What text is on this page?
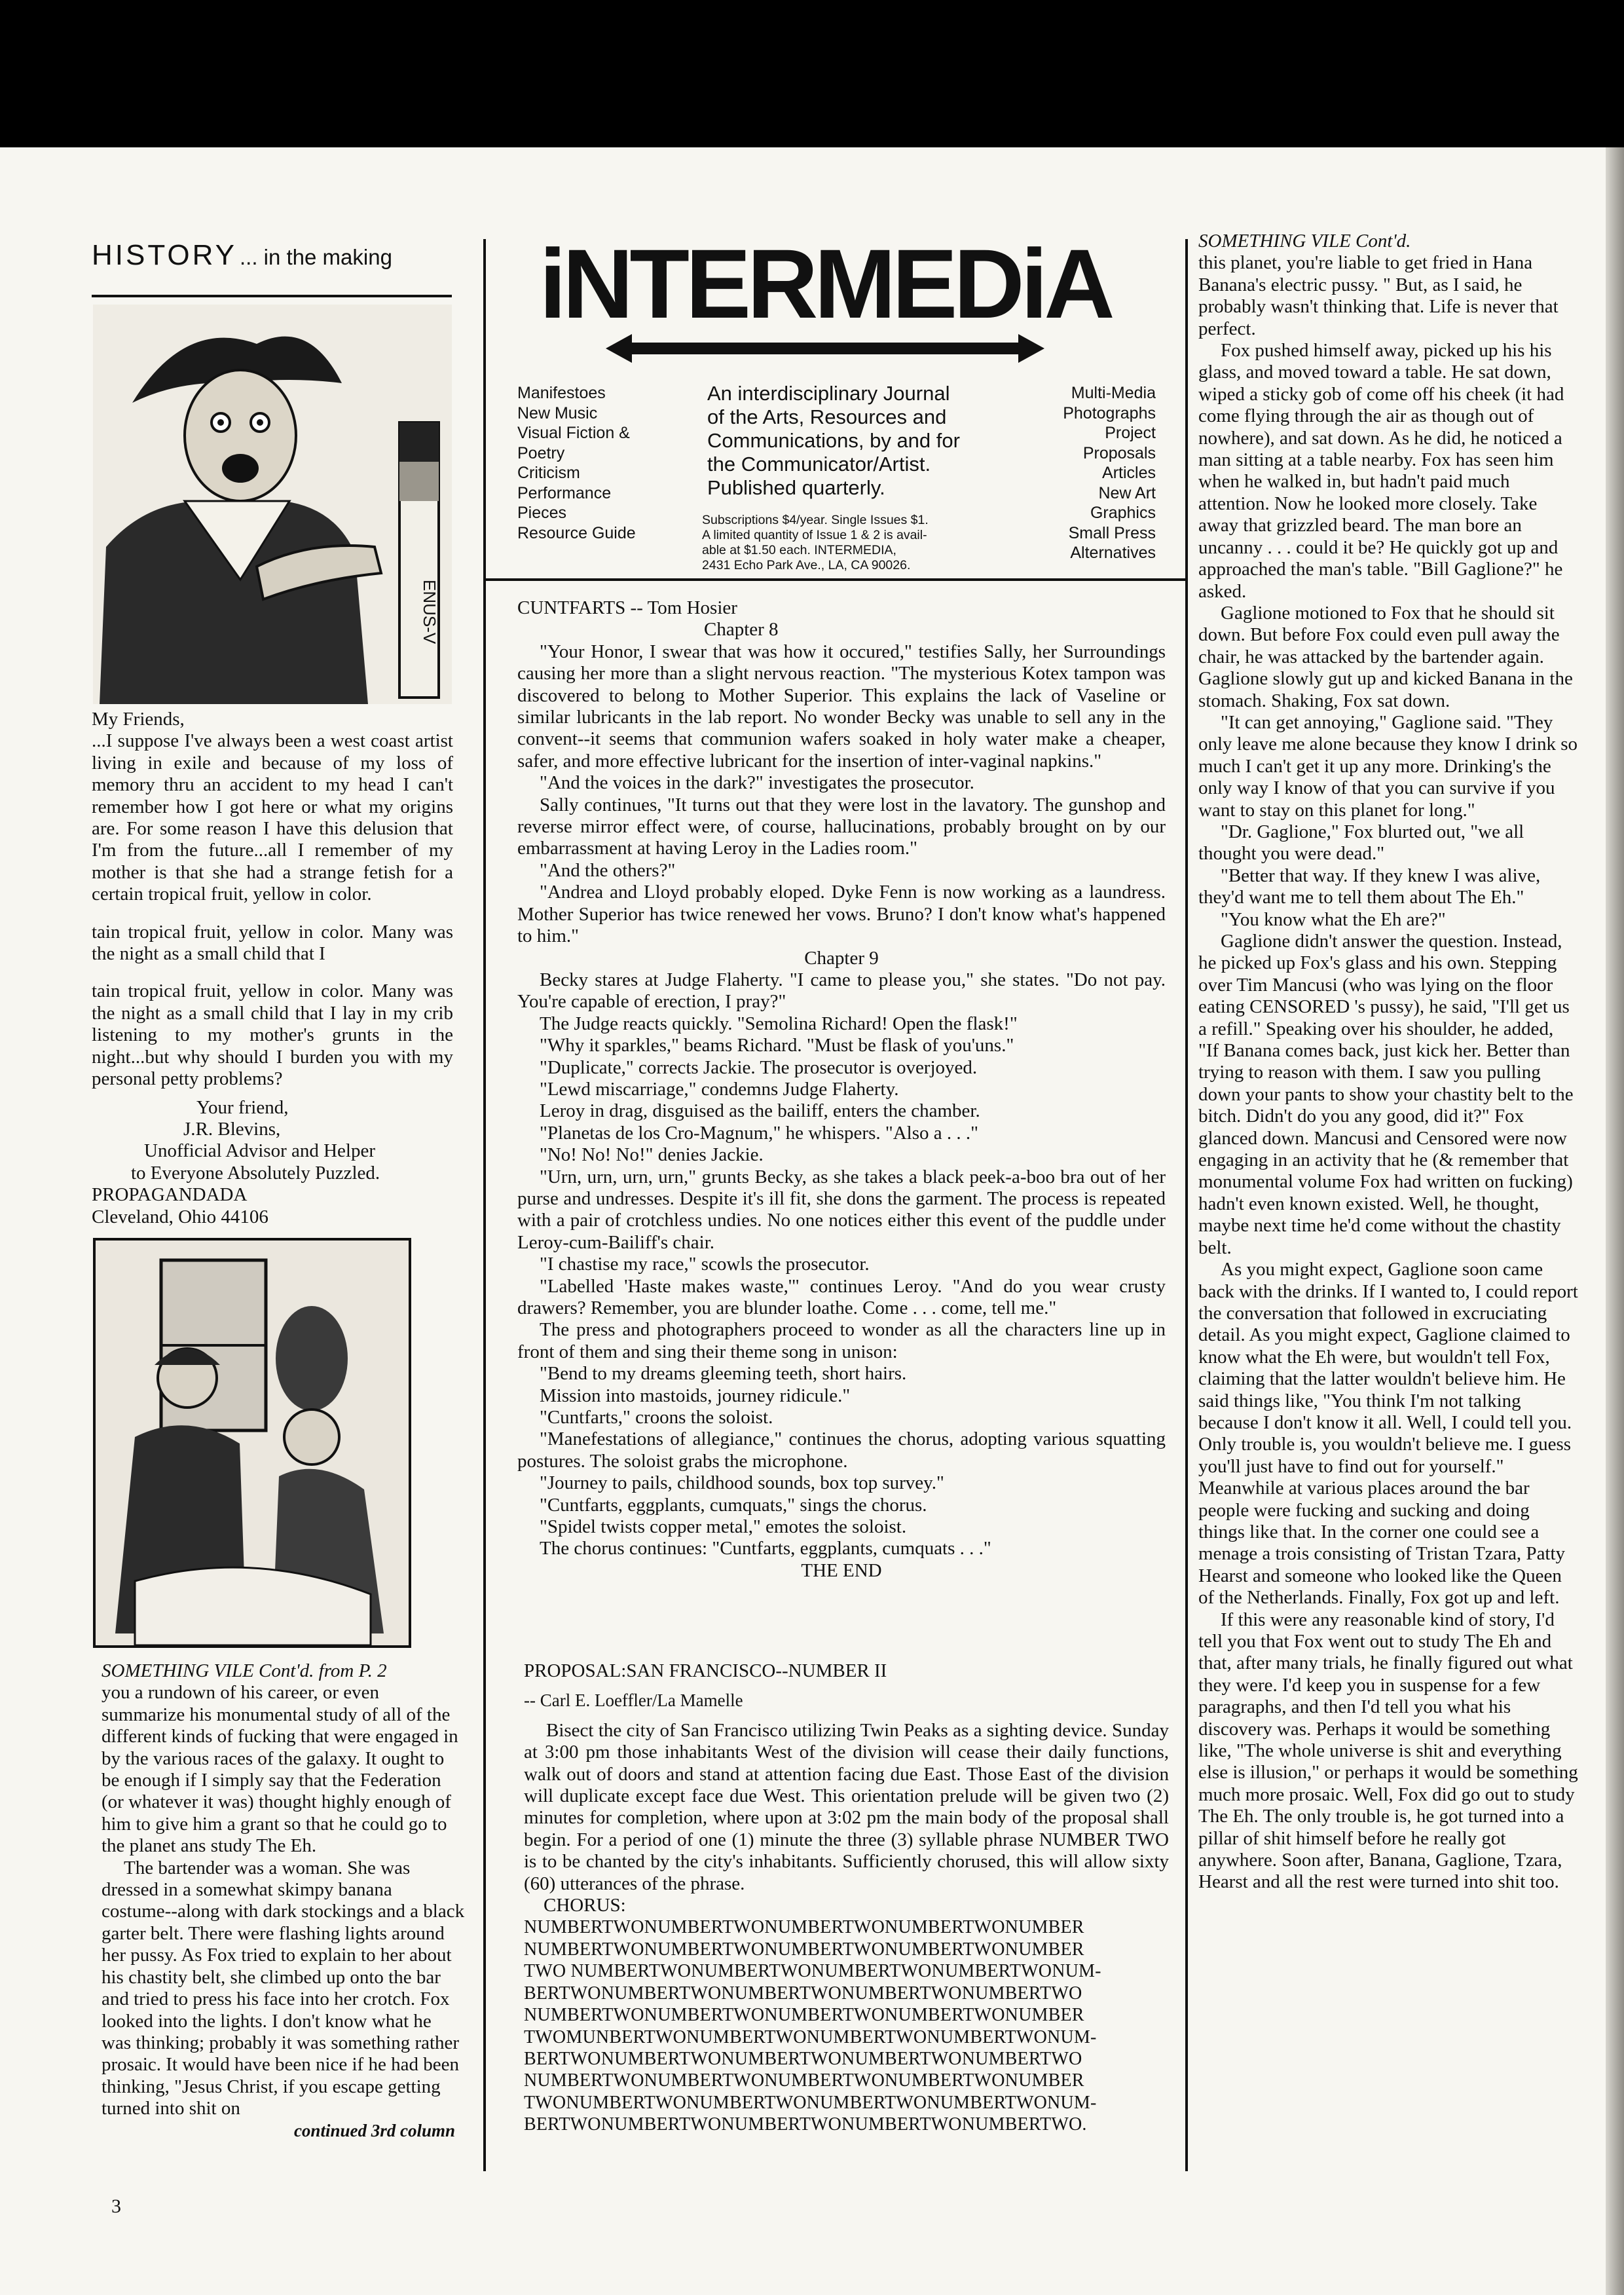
HISTORY ... in the making
ENUS-V

My Friends,

...I suppose I've always been a west coast artist living in exile and because of my loss of memory thru an accident to my head I can't remember how I got here or what my origins are. For some reason I have this delusion that I'm from the future...all I remember of my mother is that she had a strange fetish for a certain tropical fruit, yellow in color.

tain tropical fruit, yellow in color. Many was the night as a small child that I

tain tropical fruit, yellow in color. Many was the night as a small child that I lay in my crib listening to my mother's grunts in the night...but why should I burden you with my personal petty problems?

Your friend,
J.R. Blevins,
Unofficial Advisor and Helper
to Everyone Absolutely Puzzled.
PROPAGANDADA
Cleveland, Ohio 44106
SOMETHING VILE Cont'd. from P. 2

you a rundown of his career, or even summarize his monumental study of all of the different kinds of fucking that were engaged in by the various races of the galaxy. It ought to be enough if I simply say that the Federation (or whatever it was) thought highly enough of him to give him a grant so that he could go to the planet ans study The Eh.

The bartender was a woman. She was dressed in a somewhat skimpy banana costume--along with dark stockings and a black garter belt. There were flashing lights around her pussy. As Fox tried to explain to her about his chastity belt, she climbed up onto the bar and tried to press his face into her crotch. Fox looked into the lights. I don't know what he was thinking; probably it was something rather prosaic. It would have been nice if he had been thinking, "Jesus Christ, if you escape getting turned into shit on

continued 3rd column
3
iNTERMEDiA
Manifestoes
New Music
Visual Fiction &
Poetry
Criticism
Performance
Pieces
Resource Guide
An interdisciplinary Journal
of the Arts, Resources and
Communications, by and for
the Communicator/Artist.
Published quarterly.
Subscriptions $4/year. Single Issues $1.
A limited quantity of Issue 1 & 2 is avail-
able at $1.50 each. INTERMEDIA,
2431 Echo Park Ave., LA, CA 90026.
Multi-Media
Photographs
Project
Proposals
Articles
New Art
Graphics
Small Press
Alternatives
CUNTFARTS -- Tom Hosier
Chapter 8

"Your Honor, I swear that was how it occured," testifies Sally, her Surroundings causing her more than a slight nervous reaction. "The mysterious Kotex tampon was discovered to belong to Mother Superior. This explains the lack of Vaseline or similar lubricants in the lab report. No wonder Becky was unable to sell any in the convent--it seems that communion wafers soaked in holy water make a cheaper, safer, and more effective lubricant for the insertion of inter-vaginal napkins."

"And the voices in the dark?" investigates the prosecutor.

Sally continues, "It turns out that they were lost in the lavatory. The gunshop and reverse mirror effect were, of course, hallucinations, probably brought on by our embarrassment at having Leroy in the Ladies room."

"And the others?"

"Andrea and Lloyd probably eloped. Dyke Fenn is now working as a laundress. Mother Superior has twice renewed her vows. Bruno? I don't know what's happened to him."

Chapter 9

Becky stares at Judge Flaherty. "I came to please you," she states. "Do not pay. You're capable of erection, I pray?"

The Judge reacts quickly. "Semolina Richard! Open the flask!"

"Why it sparkles," beams Richard. "Must be flask of you'uns."

"Duplicate," corrects Jackie. The prosecutor is overjoyed.

"Lewd miscarriage," condemns Judge Flaherty.

Leroy in drag, disguised as the bailiff, enters the chamber.

"Planetas de los Cro-Magnum," he whispers. "Also a . . ."

"No! No! No!" denies Jackie.

"Urn, urn, urn, urn," grunts Becky, as she takes a black peek-a-boo bra out of her purse and undresses. Despite it's ill fit, she dons the garment. The process is repeated with a pair of crotchless undies. No one notices either this event of the puddle under Leroy-cum-Bailiff's chair.

"I chastise my race," scowls the prosecutor.

"Labelled 'Haste makes waste,'" continues Leroy. "And do you wear crusty drawers? Remember, you are blunder loathe. Come . . . come, tell me."

The press and photographers proceed to wonder as all the characters line up in front of them and sing their theme song in unison:

"Bend to my dreams gleeming teeth, short hairs.

Mission into mastoids, journey ridicule."

"Cuntfarts," croons the soloist.

"Manefestations of allegiance," continues the chorus, adopting various squatting postures. The soloist grabs the microphone.

"Journey to pails, childhood sounds, box top survey."

"Cuntfarts, eggplants, cumquats," sings the chorus.

"Spidel twists copper metal," emotes the soloist.

The chorus continues: "Cuntfarts, eggplants, cumquats . . ."

THE END
PROPOSAL:SAN FRANCISCO--NUMBER II
-- Carl E. Loeffler/La Mamelle

Bisect the city of San Francisco utilizing Twin Peaks as a sighting device. Sunday at 3:00 pm those inhabitants West of the division will cease their daily functions, walk out of doors and stand at attention facing due East. Those East of the division will duplicate except face due West. This orientation prelude will be given two (2) minutes for completion, where upon at 3:02 pm the main body of the proposal shall begin. For a period of one (1) minute the three (3) syllable phrase NUMBER TWO is to be chanted by the city's inhabitants. Sufficiently chorused, this will allow sixty (60) utterances of the phrase.

CHORUS:
NUMBERTWONUMBERTWONUMBERTWONUMBERTWONUMBER
NUMBERTWONUMBERTWONUMBERTWONUMBERTWONUMBER
TWO NUMBERTWONUMBERTWONUMBERTWONUMBERTWONUM-
BERTWONUMBERTWONUMBERTWONUMBERTWONUMBERTWO
NUMBERTWONUMBERTWONUMBERTWONUMBERTWONUMBER
TWOMUNBERTWONUMBERTWONUMBERTWONUMBERTWONUM-
BERTWONUMBERTWONUMBERTWONUMBERTWONUMBERTWO
NUMBERTWONUMBERTWONUMBERTWONUMBERTWONUMBER
TWONUMBERTWONUMBERTWONUMBERTWONUMBERTWONUM-
BERTWONUMBERTWONUMBERTWONUMBERTWONUMBERTWO.
SOMETHING VILE Cont'd.

this planet, you're liable to get fried in Hana Banana's electric pussy. " But, as I said, he probably wasn't thinking that. Life is never that perfect.

Fox pushed himself away, picked up his his glass, and moved toward a table. He sat down, wiped a sticky gob of come off his cheek (it had come flying through the air as though out of nowhere), and sat down. As he did, he noticed a man sitting at a table nearby. Fox has seen him when he walked in, but hadn't paid much attention. Now he looked more closely. Take away that grizzled beard. The man bore an uncanny . . . could it be? He quickly got up and approached the man's table. "Bill Gaglione?" he asked.

Gaglione motioned to Fox that he should sit down. But before Fox could even pull away the chair, he was attacked by the bartender again. Gaglione slowly gut up and kicked Banana in the stomach. Shaking, Fox sat down.

"It can get annoying," Gaglione said. "They only leave me alone because they know I drink so much I can't get it up any more. Drinking's the only way I know of that you can survive if you want to stay on this planet for long."

"Dr. Gaglione," Fox blurted out, "we all thought you were dead."

"Better that way. If they knew I was alive, they'd want me to tell them about The Eh."

"You know what the Eh are?"

Gaglione didn't answer the question. Instead, he picked up Fox's glass and his own. Stepping over Tim Mancusi (who was lying on the floor eating CENSORED 's pussy), he said, "I'll get us a refill." Speaking over his shoulder, he added, "If Banana comes back, just kick her. Better than trying to reason with them. I saw you pulling down your pants to show your chastity belt to the bitch. Didn't do you any good, did it?" Fox glanced down. Mancusi and Censored were now engaging in an activity that he (& remember that monumental volume Fox had written on fucking) hadn't even known existed. Well, he thought, maybe next time he'd come without the chastity belt.

As you might expect, Gaglione soon came back with the drinks. If I wanted to, I could report the conversation that followed in excruciating detail. As you might expect, Gaglione claimed to know what the Eh were, but wouldn't tell Fox, claiming that the latter wouldn't believe him. He said things like, "You think I'm not talking because I don't know it all. Well, I could tell you. Only trouble is, you wouldn't believe me. I guess you'll just have to find out for yourself." Meanwhile at various places around the bar people were fucking and sucking and doing things like that. In the corner one could see a menage a trois consisting of Tristan Tzara, Patty Hearst and someone who looked like the Queen of the Netherlands. Finally, Fox got up and left.

If this were any reasonable kind of story, I'd tell you that Fox went out to study The Eh and that, after many trials, he finally figured out what they were. I'd keep you in suspense for a few paragraphs, and then I'd tell you what his discovery was. Perhaps it would be something like, "The whole universe is shit and everything else is illusion," or perhaps it would be something much more prosaic. Well, Fox did go out to study The Eh. The only trouble is, he got turned into a pillar of shit himself before he really got anywhere. Soon after, Banana, Gaglione, Tzara, Hearst and all the rest were turned into shit too.
